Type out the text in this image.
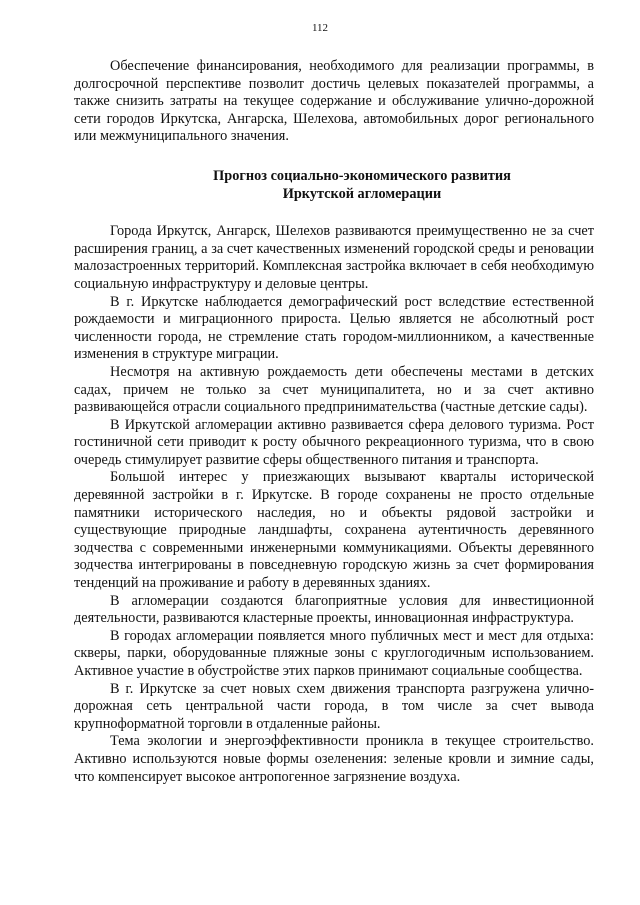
112

Обеспечение финансирования, необходимого для реализации программы, в долгосрочной перспективе позволит достичь целевых показателей программы, а также снизить затраты на текущее содержание и обслуживание улично-дорожной сети городов Иркутска, Ангарска, Шелехова, автомобильных дорог регионального или межмуниципального значения.

Прогноз социально-экономического развития
Иркутской агломерации

Города Иркутск, Ангарск, Шелехов развиваются преимущественно не за счет расширения границ, а за счет качественных изменений городской среды и реновации малозастроенных территорий. Комплексная застройка включает в себя необходимую социальную инфраструктуру и деловые центры.

В г. Иркутске наблюдается демографический рост вследствие естественной рождаемости и миграционного прироста. Целью является не абсолютный рост численности города, не стремление стать городом-миллионником, а качественные изменения в структуре миграции.

Несмотря на активную рождаемость дети обеспечены местами в детских садах, причем не только за счет муниципалитета, но и за счет активно развивающейся отрасли социального предпринимательства (частные детские сады).

В Иркутской агломерации активно развивается сфера делового туризма. Рост гостиничной сети приводит к росту обычного рекреационного туризма, что в свою очередь стимулирует развитие сферы общественного питания и транспорта.

Большой интерес у приезжающих вызывают кварталы исторической деревянной застройки в г. Иркутске. В городе сохранены не просто отдельные памятники исторического наследия, но и объекты рядовой застройки и существующие природные ландшафты, сохранена аутентичность деревянного зодчества с современными инженерными коммуникациями. Объекты деревянного зодчества интегрированы в повседневную городскую жизнь за счет формирования тенденций на проживание и работу в деревянных зданиях.

В агломерации создаются благоприятные условия для инвестиционной деятельности, развиваются кластерные проекты, инновационная инфраструктура.

В городах агломерации появляется много публичных мест и мест для отдыха: скверы, парки, оборудованные пляжные зоны с круглогодичным использованием. Активное участие в обустройстве этих парков принимают социальные сообщества.

В г. Иркутске за счет новых схем движения транспорта разгружена улично-дорожная сеть центральной части города, в том числе за счет вывода крупноформатной торговли в отдаленные районы.

Тема экологии и энергоэффективности проникла в текущее строительство. Активно используются новые формы озеленения: зеленые кровли и зимние сады, что компенсирует высокое антропогенное загрязнение воздуха.
